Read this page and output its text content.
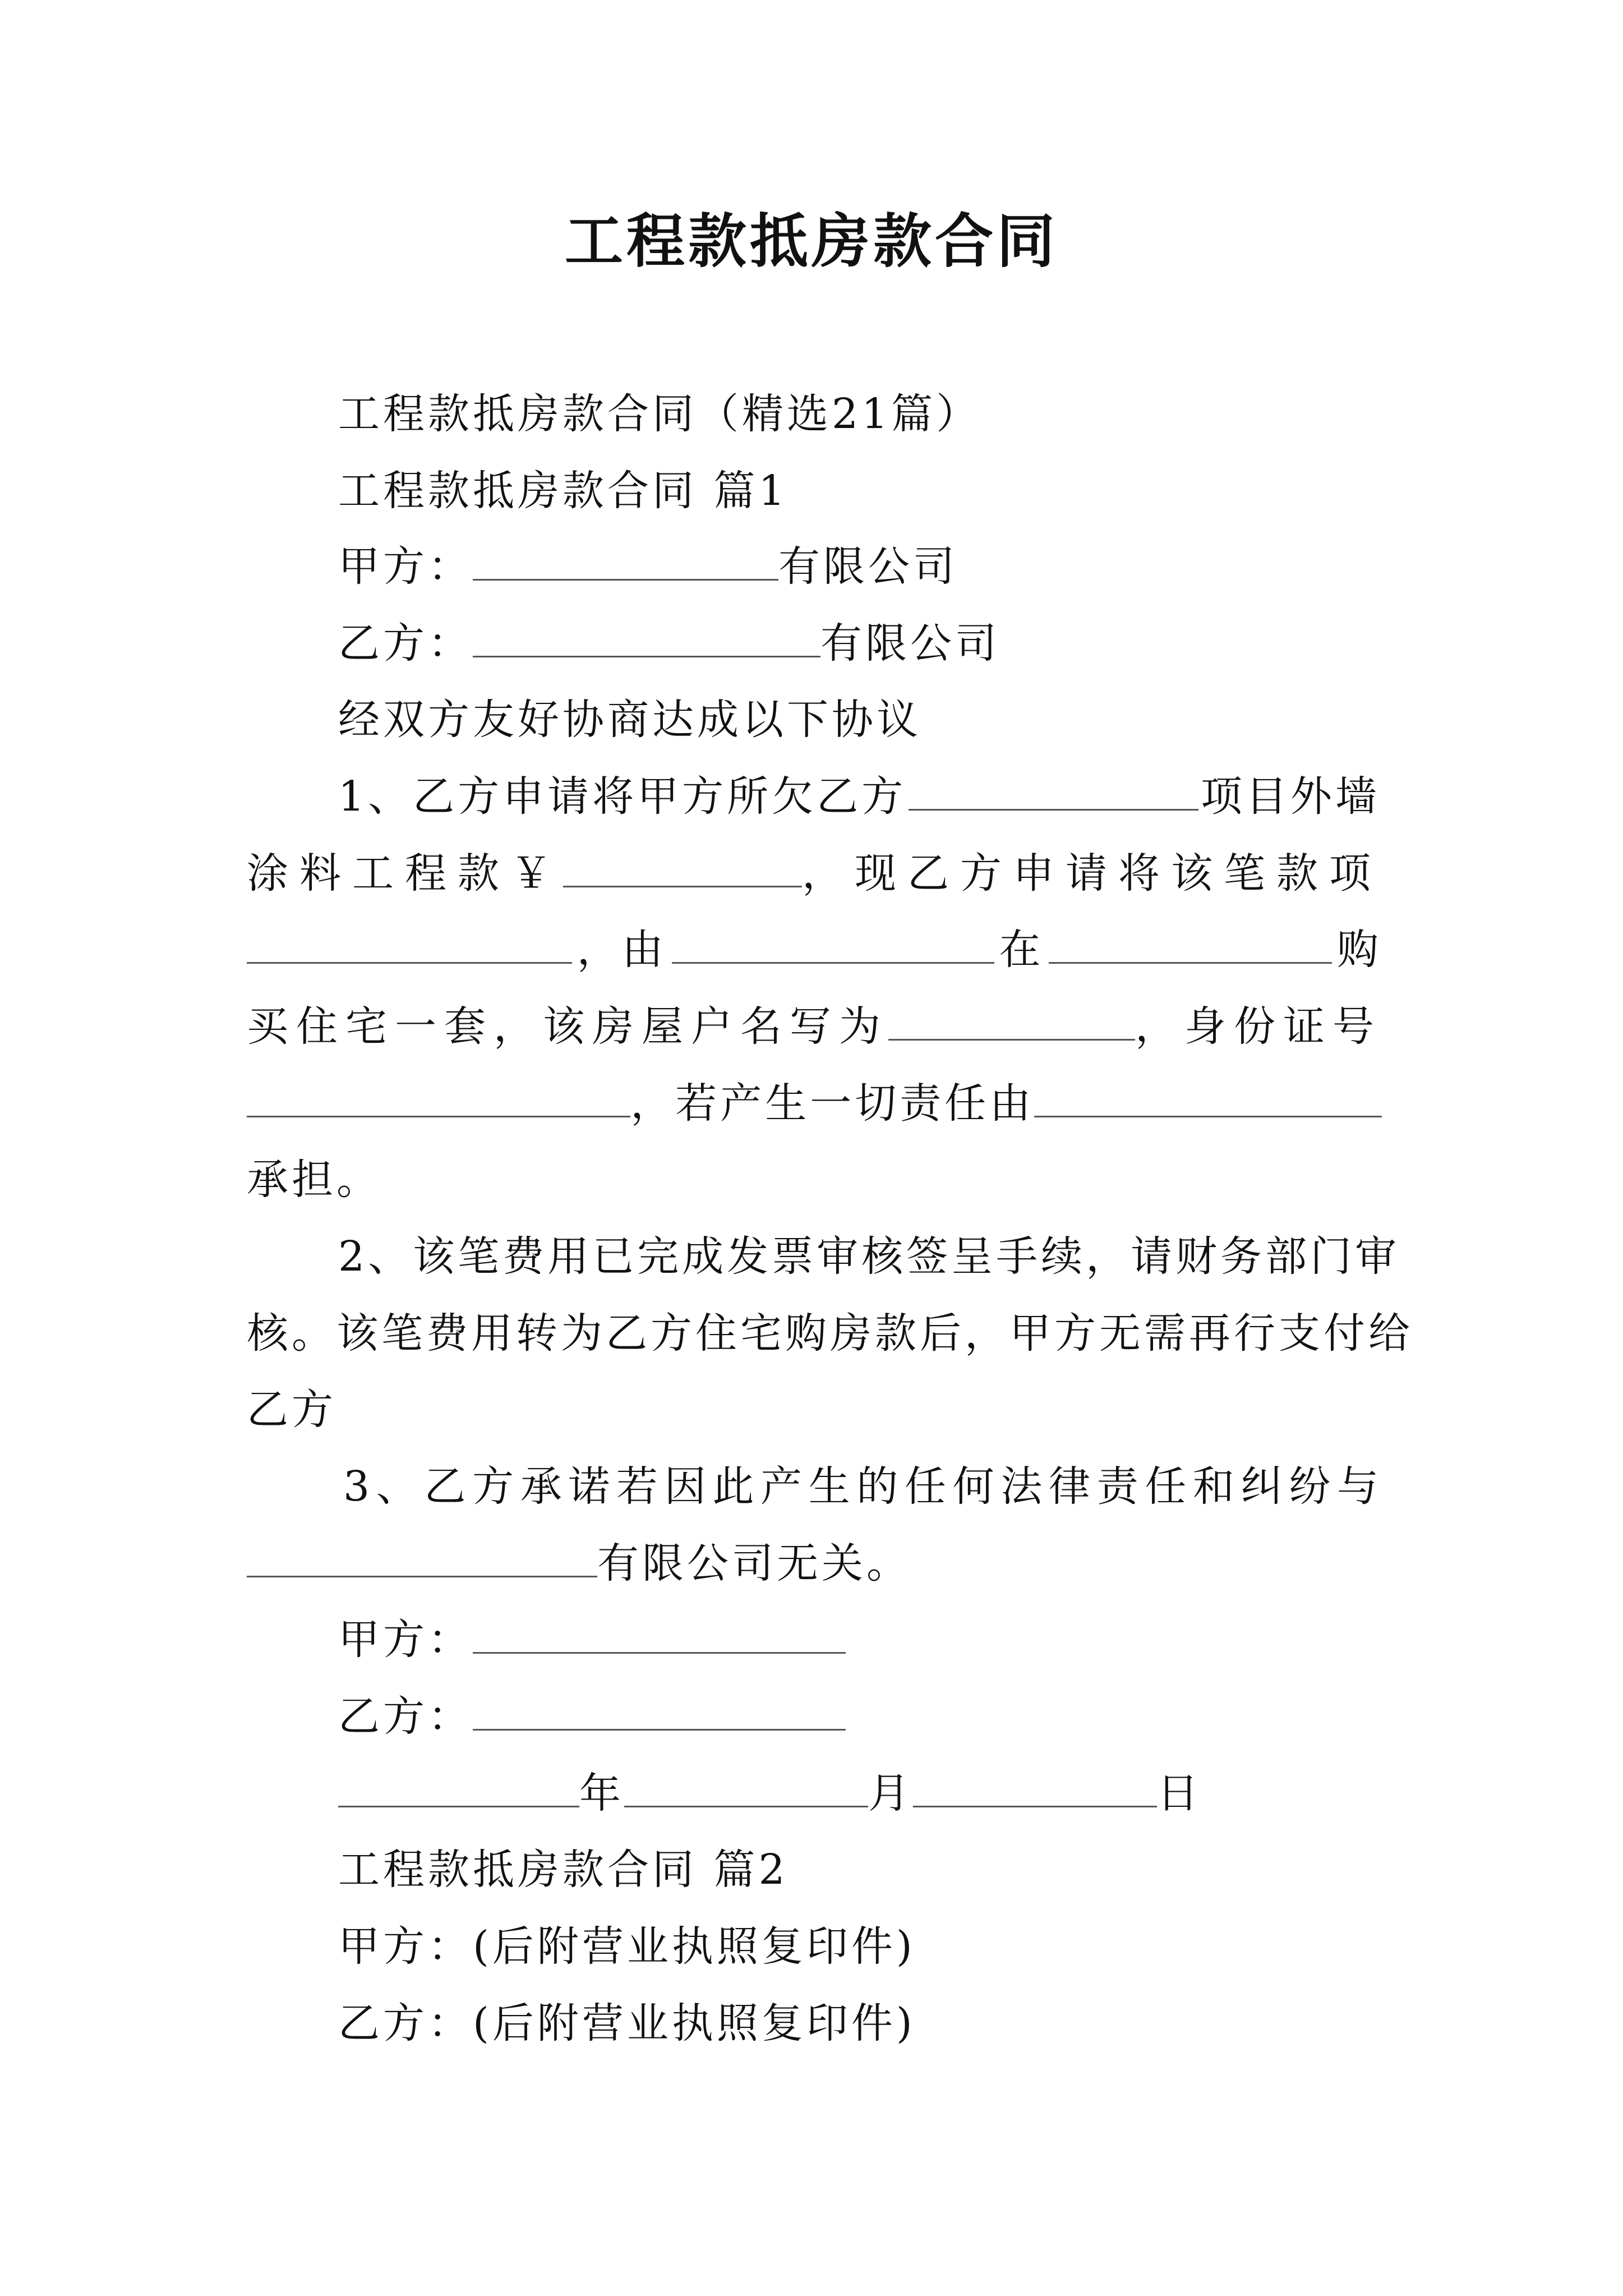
工程款抵房款合同
工程款抵房款合同（精选21篇）
工程款抵房款合同 篇1
甲方：	有限公司
乙方：	有限公司
经双方友好协商达成以下协议
1、乙方申请将甲方所欠乙方	项目外墙
涂料工程款￥	，现乙方申请将该笔款项
，由	在	购
买住宅一套，该房屋户名写为	，身份证号
，若产生一切责任由
承担。
2、该笔费用已完成发票审核签呈手续，请财务部门审
核。该笔费用转为乙方住宅购房款后，甲方无需再行支付给
乙方
3、乙方承诺若因此产生的任何法律责任和纠纷与
有限公司无关。
甲方：
乙方：
年	月	日
工程款抵房款合同 篇2
甲方：(后附营业执照复印件)
乙方：(后附营业执照复印件)
